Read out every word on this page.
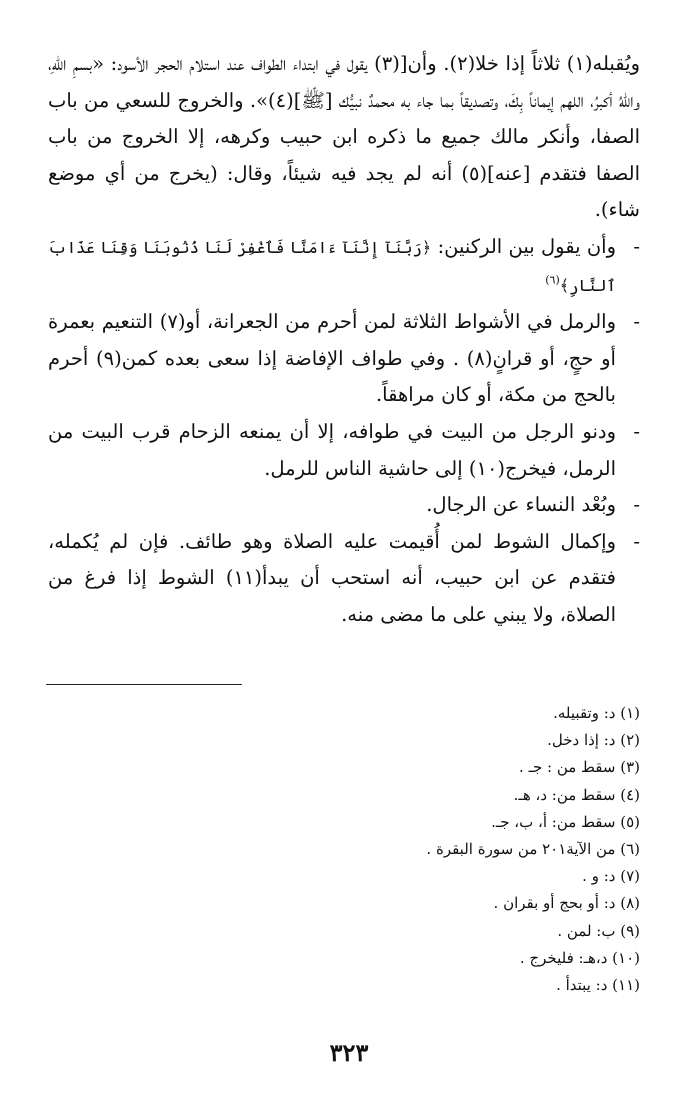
ويُقبله(١) ثلاثاً إذا خلا(٢). وأن[(٣) يقول في ابتداء الطواف عند استلام الحجر الأسود: «بسمِ اللهِ، واللهُ أكبرُ، اللهم إيماناً بِكَ، وتصديقاً بما جاء به محمدٌ نبيُّك [ﷺ](٤)». والخروج للسعي من باب الصفا، وأنكر مالك جميع ما ذكره ابن حبيب وكرهه، إلا الخروج من باب الصفا فتقدم [عنه](٥) أنه لم يجد فيه شيئاً، وقال: (يخرج من أي موضع شاء).

-
وأن يقول بين الركنين: ﴿رَبَّنَآ إِنَّنَآ ءَامَنَّا فَٱغْفِرْ لَنَا ذُنُوبَنَا وَقِنَا عَذَابَ ٱلنَّارِ﴾$^{(٦)}$

-
والرمل في الأشواط الثلاثة لمن أحرم من الجعرانة، أو(٧) التنعيم بعمرة أو حجٍ، أو قرانٍ(٨) . وفي طواف الإفاضة إذا سعى بعده كمن(٩) أحرم بالحج من مكة، أو كان مراهقاً.

-
ودنو الرجل من البيت في طوافه، إلا أن يمنعه الزحام قرب البيت من الرمل، فيخرج(١٠) إلى حاشية الناس للرمل.

-
وبُعْد النساء عن الرجال.

-
وإكمال الشوط لمن أُقيمت عليه الصلاة وهو طائف. فإن لم يُكمله، فتقدم عن ابن حبيب، أنه استحب أن يبدأ(١١) الشوط إذا فرغ من الصلاة، ولا يبني على ما مضى منه.

(١) د: وتقبيله.
(٢) د: إذا دخل.
(٣) سقط من : جـ .
(٤) سقط من: د، هـ.
(٥) سقط من: أ، ب، جـ.
(٦) من الآية٢٠١ من سورة البقرة .
(٧) د: و .
(٨) د: أو بحج أو بقران .
(٩) ب: لمن .
(١٠) د،هـ: فليخرج .
(١١) د: يبتدأ .
٣٢٣
